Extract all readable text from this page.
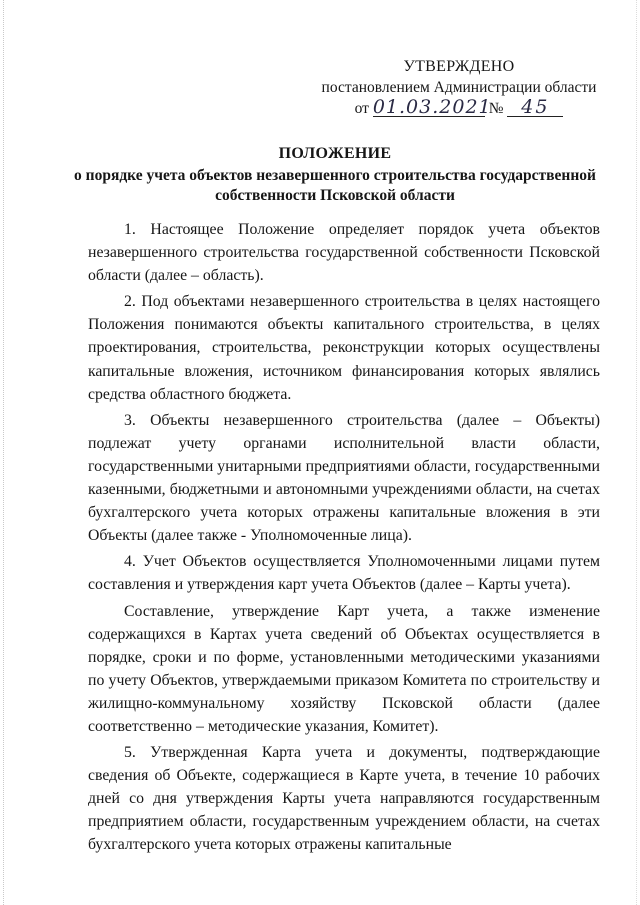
УТВЕРЖДЕНО
постановлением Администрации области
от 01.03.2021 № 45
ПОЛОЖЕНИЕ
о порядке учета объектов незавершенного строительства государственной собственности Псковской области

1. Настоящее Положение определяет порядок учета объектов незавершенного строительства государственной собственности Псковской области (далее – область).

2. Под объектами незавершенного строительства в целях настоящего Положения понимаются объекты капитального строительства, в целях проектирования, строительства, реконструкции которых осуществлены капитальные вложения, источником финансирования которых являлись средства областного бюджета.

3. Объекты незавершенного строительства (далее – Объекты) подлежат учету органами исполнительной власти области, государственными унитарными предприятиями области, государственными казенными, бюджетными и автономными учреждениями области, на счетах бухгалтерского учета которых отражены капитальные вложения в эти Объекты (далее также - Уполномоченные лица).

4. Учет Объектов осуществляется Уполномоченными лицами путем составления и утверждения карт учета Объектов (далее – Карты учета).

Составление, утверждение Карт учета, а также изменение содержащихся в Картах учета сведений об Объектах осуществляется в порядке, сроки и по форме, установленными методическими указаниями по учету Объектов, утверждаемыми приказом Комитета по строительству и жилищно-коммунальному хозяйству Псковской области (далее соответственно – методические указания, Комитет).

5. Утвержденная Карта учета и документы, подтверждающие сведения об Объекте, содержащиеся в Карте учета, в течение 10 рабочих дней со дня утверждения Карты учета направляются государственным предприятием области, государственным учреждением области, на счетах бухгалтерского учета которых отражены капитальные
